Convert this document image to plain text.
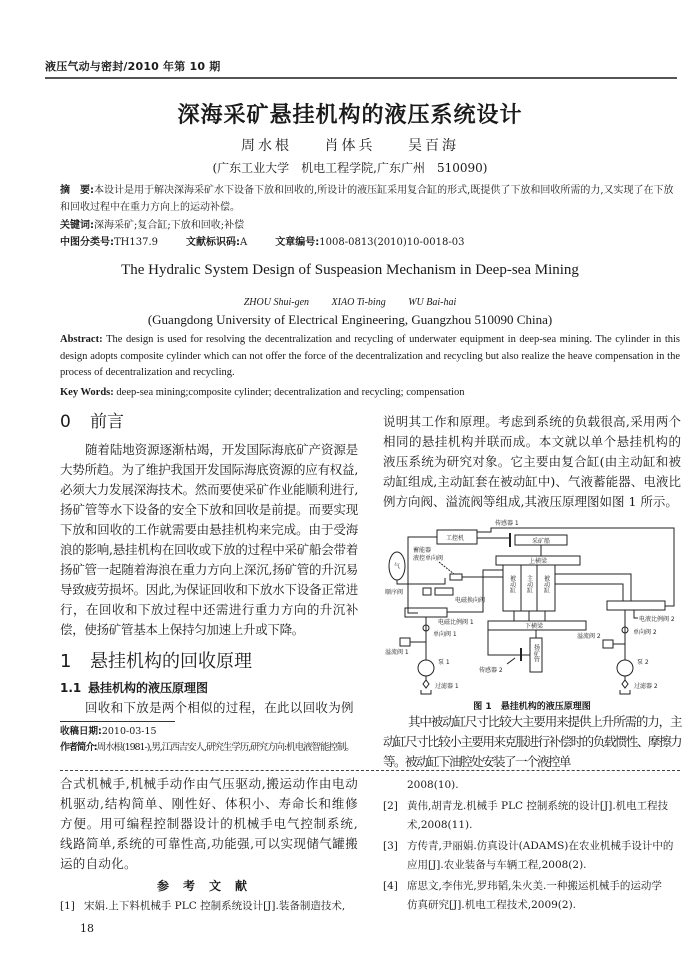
液压气动与密封/2010 年第 10 期
深海采矿悬挂机构的液压系统设计
周水根 肖体兵 吴百海
(广东工业大学　机电工程学院,广东广州　510090)
摘　要:本设计是用于解决深海采矿水下设备下放和回收的,所设计的液压缸采用复合缸的形式,既提供了下放和回收所需的力,又实现了在下放和回收过程中在重力方向上的运动补偿。
关键词:深海采矿;复合缸;下放和回收;补偿
中图分类号:TH137.9	文献标识码:A	文章编号:1008-0813(2010)10-0018-03
The Hydralic System Design of Suspeasion Mechanism in Deep-sea Mining
ZHOU Shui-gen XIAO Ti-bing WU Bai-hai
(Guangdong University of Electrical Engineering, Guangzhou 510090 China)
Abstract: The design is used for resolving the decentralization and recycling of underwater equipment in deep-sea mining. The cylinder in this design adopts composite cylinder which can not offer the force of the decentralization and recycling but also realize the heave compensation in the process of decentralization and recycling.
Key Words: deep-sea mining;composite cylinder; decentralization and recycling; compensation
0 前言
随着陆地资源逐渐枯竭，开发国际海底矿产资源是大势所趋。为了维护我国开发国际海底资源的应有权益,必须大力发展深海技术。然而要使采矿作业能顺利进行,扬矿管等水下设备的安全下放和回收是前提。而要实现下放和回收的工作就需要由悬挂机构来完成。由于受海浪的影响,悬挂机构在回收或下放的过程中采矿船会带着扬矿管一起随着海浪在重力方向上深沉,扬矿管的升沉易导致疲劳损坏。因此,为保证回收和下放水下设备正常进行，在回收和下放过程中还需进行重力方向的升沉补偿，使扬矿管基本上保持匀加速上升或下降。
1 悬挂机构的回收原理
1.1 悬挂机构的液压原理图
回收和下放是两个相似的过程，在此以回收为例
收稿日期:2010-03-15
作者简介:周水根(1981-),男,江西吉安人,研究生学历,研究方向:机电液智能控制。
合式机械手,机械手动作由气压驱动,搬运动作由电动机驱动,结构简单、刚性好、体积小、寿命长和维修方便。用可编程控制器设计的机械手电气控制系统,线路简单,系统的可靠性高,功能强,可以实现储气罐搬运的自动化。
参考文献
[1] 宋娟.上下料机械手 PLC 控制系统设计[J].装备制造技术,
18
说明其工作和原理。考虑到系统的负载很高,采用两个相同的悬挂机构并联而成。本文就以单个悬挂机构的液压系统为研究对象。它主要由复合缸(由主动缸和被动缸组成,主动缸套在被动缸中)、气液蓄能器、电液比例方向阀、溢流阀等组成,其液压原理图如图 1 所示。
传感器 1
工控机	采矿船
气
蓄能器
液控单向阀	上横梁
被动缸 主动缸 被动缸
顺序阀
电磁换向阀
电磁比例阀 1	电液比例阀 2
下横梁
溢流阀 1
溢流阀 2
单向阀 1	单向阀 2
泵 1	泵 2
扬矿管
传感器 2
过滤器 1	过滤器 2
图 1　悬挂机构的液压原理图
其中被动缸尺寸比较大主要用来提供上升所需的力，主动缸尺寸比较小主要用来克服进行补偿时的负载惯性、摩擦力等。被动缸下油腔处安装了一个液控单
2008(10).
[2] 黄伟,胡青龙.机械手 PLC 控制系统的设计[J].机电工程技
术,2008(11).
[3] 方传青,尹丽娟.仿真设计(ADAMS)在农业机械手设计中的
应用[J].农业装备与车辆工程,2008(2).
[4] 席思文,李伟光,罗玮韬,朱火美.一种搬运机械手的运动学
仿真研究[J].机电工程技术,2009(2).
